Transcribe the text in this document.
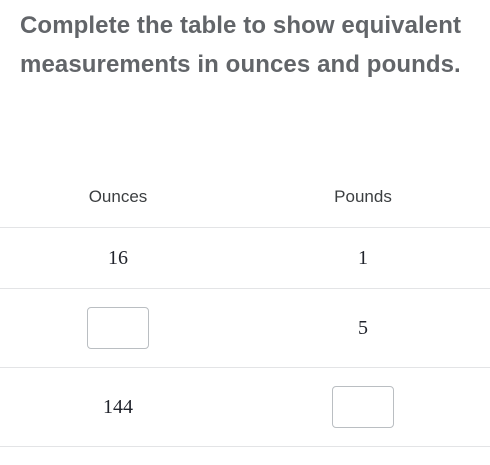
Complete the table to show equivalent measurements in ounces and pounds.

Ounces	Pounds
16	1
5
144
